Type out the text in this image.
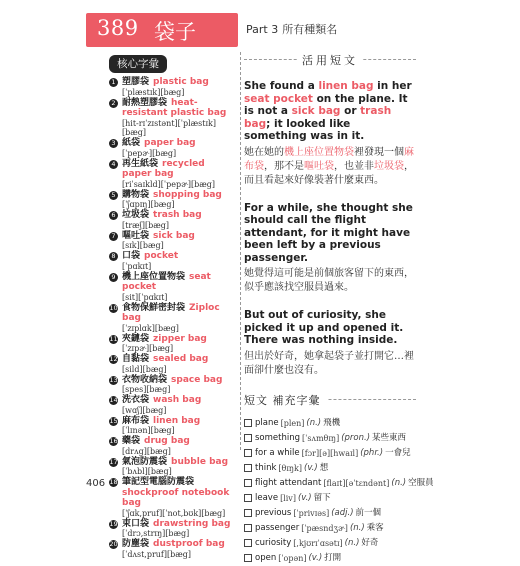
389 袋子	Part 3 所有種類名
核心字彙
1 塑膠袋 plastic bag
[ˈplæstɪk][bæg]
2 耐熱塑膠袋 heat-resistant plastic bag
[hit-rɪˈzɪstənt][ˈplæstɪk][bæg]
3 紙袋 paper bag
[ˈpepɚ][bæg]
4 再生紙袋 recycled paper bag
[riˈsaɪkld][ˈpepɚ][bæg]
5 購物袋 shopping bag
[ˈʃɑpɪŋ][bæg]
6 垃圾袋 trash bag
[træʃ][bæg]
7 嘔吐袋 sick bag
[sɪk][bæg]
8 口袋 pocket
[ˈpɑkɪt]
9 機上座位置物袋 seat pocket
[sit][ˈpɑkɪt]
10 食物保鮮密封袋 Ziploc bag
[ˈzɪplɑk][bæg]
11 夾鏈袋 zipper bag
[ˈzɪpɚ][bæg]
12 自黏袋 sealed bag
[sild][bæg]
13 衣物收納袋 space bag
[spes][bæg]
14 洗衣袋 wash bag
[wɑʃ][bæg]
15 麻布袋 linen bag
[ˈlɪnən][bæg]
16 藥袋 drug bag
[drʌg][bæg]
17 氣泡防震袋 bubble bag
[ˈbʌbl][bæg]
18 筆記型電腦防震袋shockproof notebook bag
[ˈʃɑk,pruf][ˈnot,bʊk][bæg]
19 束口袋 drawstring bag
[ˈdrɔ,strɪŋ][bæg]
20 防塵袋 dustproof bag
[ˈdʌst,pruf][bæg]
活用短文
She found a linen bag in her seat pocket on the plane. It is not a sick bag or trash bag; it looked like something was in it.
她在她的機上座位置物袋裡發現一個麻布袋，那不是嘔吐袋，也並非垃圾袋，而且看起來好像裝著什麼東西。
For a while, she thought she should call the flight attendant, for it might have been left by a previous passenger.
她覺得這可能是前個旅客留下的東西，似乎應該找空服員過來。
But out of curiosity, she picked it up and opened it. There was nothing inside.
但出於好奇，她拿起袋子並打開它…裡面卻什麼也沒有。
短文 補充字彙
plane [plen] (n.) 飛機
something [ˈsʌmθɪŋ] (pron.) 某些東西
for a while [fɔr][ə][hwaɪl] (phr.) 一會兒
think [θɪŋk] (v.) 想
flight attendant [flaɪt][əˈtɛndənt] (n.) 空服員
leave [liv] (v.) 留下
previous [ˈprivɪəs] (adj.) 前一個
passenger [ˈpæsndʒɚ] (n.) 乘客
curiosity [,kjʊrɪˈɑsətɪ] (n.) 好奇
open [ˈopən] (v.) 打開
406
